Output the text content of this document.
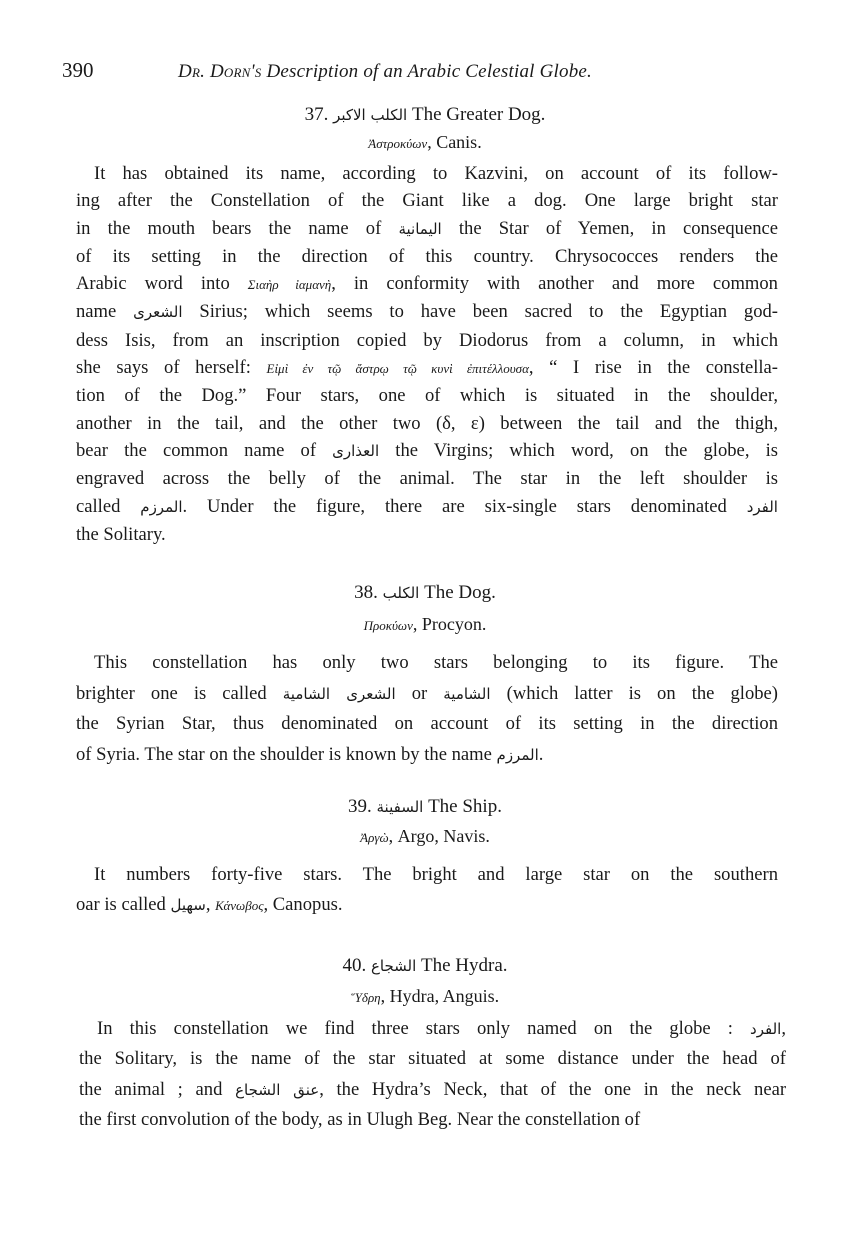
390	Dr. Dorn's Description of an Arabic Celestial Globe.
37. الكلب الاكبر The Greater Dog.
Ἀστροκύων, Canis.
It has obtained its name, according to Kazvini, on account of its follow-
ing after the Constellation of the Giant like a dog. One large bright star
in the mouth bears the name of اليمانية the Star of Yemen, in consequence
of its setting in the direction of this country. Chrysococces renders the
Arabic word into Σιαὴρ ἰαμανὴ, in conformity with another and more common
name الشعرى Sirius; which seems to have been sacred to the Egyptian god-
dess Isis, from an inscription copied by Diodorus from a column, in which
she says of herself: Εἰμὶ ἐν τῷ ἄστρῳ τῷ κυνὶ ἐπιτέλλουσα, “ I rise in the constella-
tion of the Dog.” Four stars, one of which is situated in the shoulder,
another in the tail, and the other two (δ, ε) between the tail and the thigh,
bear the common name of العذارى the Virgins; which word, on the globe, is
engraved across the belly of the animal. The star in the left shoulder is
called المرزم. Under the figure, there are six-single stars denominated الفرد
the Solitary.
38. الكلب The Dog.
Προκύων, Procyon.
This constellation has only two stars belonging to its figure. The
brighter one is called الشعرى الشامية or الشامية (which latter is on the globe)
the Syrian Star, thus denominated on account of its setting in the direction
of Syria. The star on the shoulder is known by the name المرزم.
39. السفينة The Ship.
Ἀργὼ, Argo, Navis.
It numbers forty-five stars. The bright and large star on the southern
oar is called سهيل, Κάνωβος, Canopus.
40. الشجاع The Hydra.
Ὕδρη, Hydra, Anguis.
In this constellation we find three stars only named on the globe : الفرد,
the Solitary, is the name of the star situated at some distance under the head of
the animal ; and عنق الشجاع, the Hydra’s Neck, that of the one in the neck near
the first convolution of the body, as in Ulugh Beg. Near the constellation of
